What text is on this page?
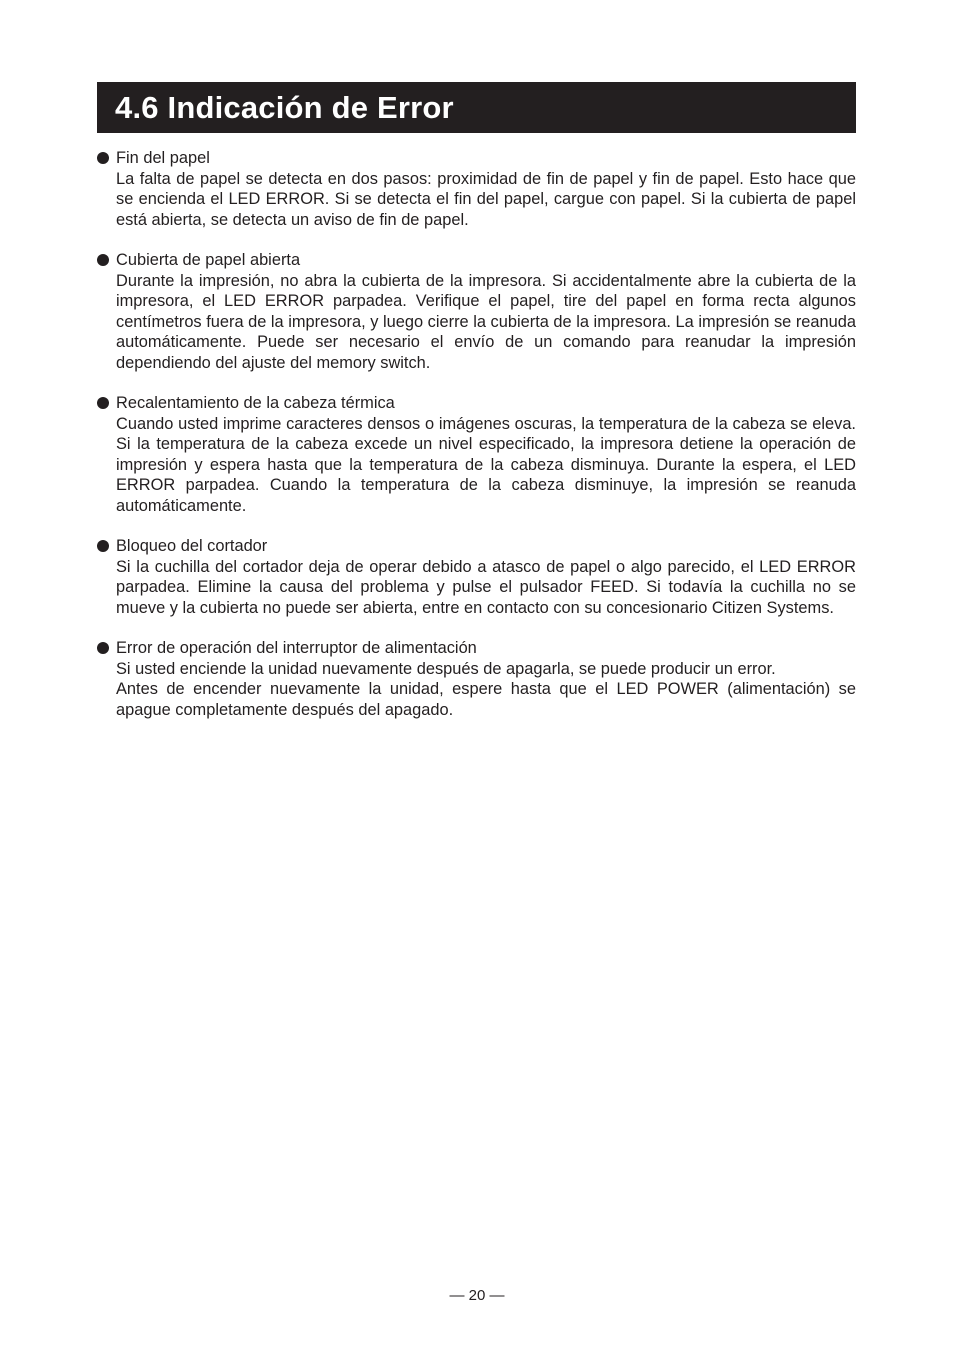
4.6 Indicación de Error
Fin del papel

La falta de papel se detecta en dos pasos: proximidad de fin de papel y fin de papel. Esto hace que se encienda el LED ERROR. Si se detecta el fin del papel, cargue con papel. Si la cubierta de papel está abierta, se detecta un aviso de fin de papel.

Cubierta de papel abierta

Durante la impresión, no abra la cubierta de la impresora. Si accidentalmente abre la cubierta de la impresora, el LED ERROR parpadea. Verifique el papel, tire del papel en forma recta algunos centímetros fuera de la impresora, y luego cierre la cubierta de la impresora. La impresión se reanuda automáticamente. Puede ser necesario el envío de un comando para reanudar la impresión dependiendo del ajuste del memory switch.

Recalentamiento de la cabeza térmica

Cuando usted imprime caracteres densos o imágenes oscuras, la temperatura de la cabeza se eleva. Si la temperatura de la cabeza excede un nivel especificado, la impresora detiene la operación de impresión y espera hasta que la temperatura de la cabeza disminuya. Durante la espera, el LED ERROR parpadea. Cuando la temperatura de la cabeza disminuye, la impresión se reanuda automáticamente.

Bloqueo del cortador

Si la cuchilla del cortador deja de operar debido a atasco de papel o algo parecido, el LED ERROR parpadea. Elimine la causa del problema y pulse el pulsador FEED. Si todavía la cuchilla no se mueve y la cubierta no puede ser abierta, entre en contacto con su concesionario Citizen Systems.

Error de operación del interruptor de alimentación

Si usted enciende la unidad nuevamente después de apagarla, se puede producir un error.

Antes de encender nuevamente la unidad, espere hasta que el LED POWER (alimentación) se apague completamente después del apagado.

— 20 —
